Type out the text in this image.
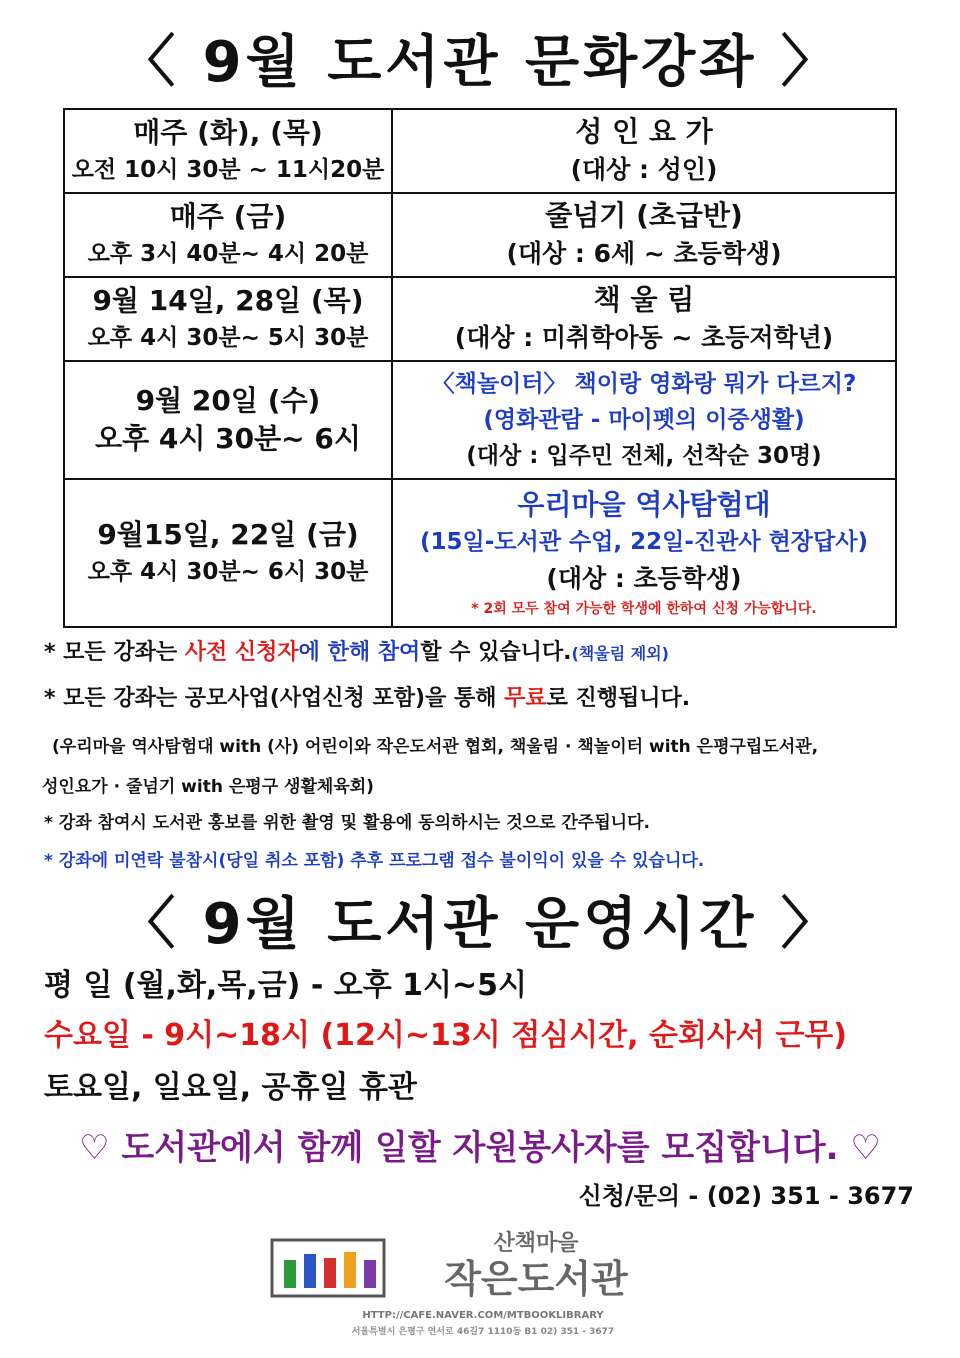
〈 9월 도서관 문화강좌 〉
매주 (화), (목)
오전 10시 30분 ~ 11시20분	성 인 요 가
(대상 : 성인)

매주 (금)
오후 3시 40분~ 4시 20분	줄넘기 (초급반)
(대상 : 6세 ~ 초등학생)

9월 14일, 28일 (목)
오후 4시 30분~ 5시 30분	책 울 림
(대상 : 미취학아동 ~ 초등저학년)

9월 20일 (수)
오후 4시 30분~ 6시	〈책놀이터〉 책이랑 영화랑 뭐가 다르지?
(영화관람 - 마이펫의 이중생활)
(대상 : 입주민 전체, 선착순 30명)

9월15일, 22일 (금)
오후 4시 30분~ 6시 30분	우리마을 역사탐험대
(15일-도서관 수업, 22일-진관사 현장답사)
(대상 : 초등학생)
* 2회 모두 참여 가능한 학생에 한하여 신청 가능합니다.
* 모든 강좌는 사전 신청자에 한해 참여할 수 있습니다.(책울림 제외)
* 모든 강좌는 공모사업(사업신청 포함)을 통해 무료로 진행됩니다.
(우리마을 역사탐험대 with (사) 어린이와 작은도서관 협회, 책울림 · 책놀이터 with 은평구립도서관,
성인요가 · 줄넘기 with 은평구 생활체육회)
* 강좌 참여시 도서관 홍보를 위한 촬영 및 활용에 동의하시는 것으로 간주됩니다.
* 강좌에 미연락 불참시(당일 취소 포함) 추후 프로그램 접수 불이익이 있을 수 있습니다.
〈 9월 도서관 운영시간 〉
평 일 (월,화,목,금) - 오후 1시~5시
수요일 - 9시~18시 (12시~13시 점심시간, 순회사서 근무)
토요일, 일요일, 공휴일 휴관
♡ 도서관에서 함께 일할 자원봉사자를 모집합니다. ♡
신청/문의 - (02) 351 - 3677
산책마을
작은도서관
HTTP://CAFE.NAVER.COM/MTBOOKLIBRARY
서울특별시 은평구 연서로 46길7 1110동 B1 02) 351 - 3677
